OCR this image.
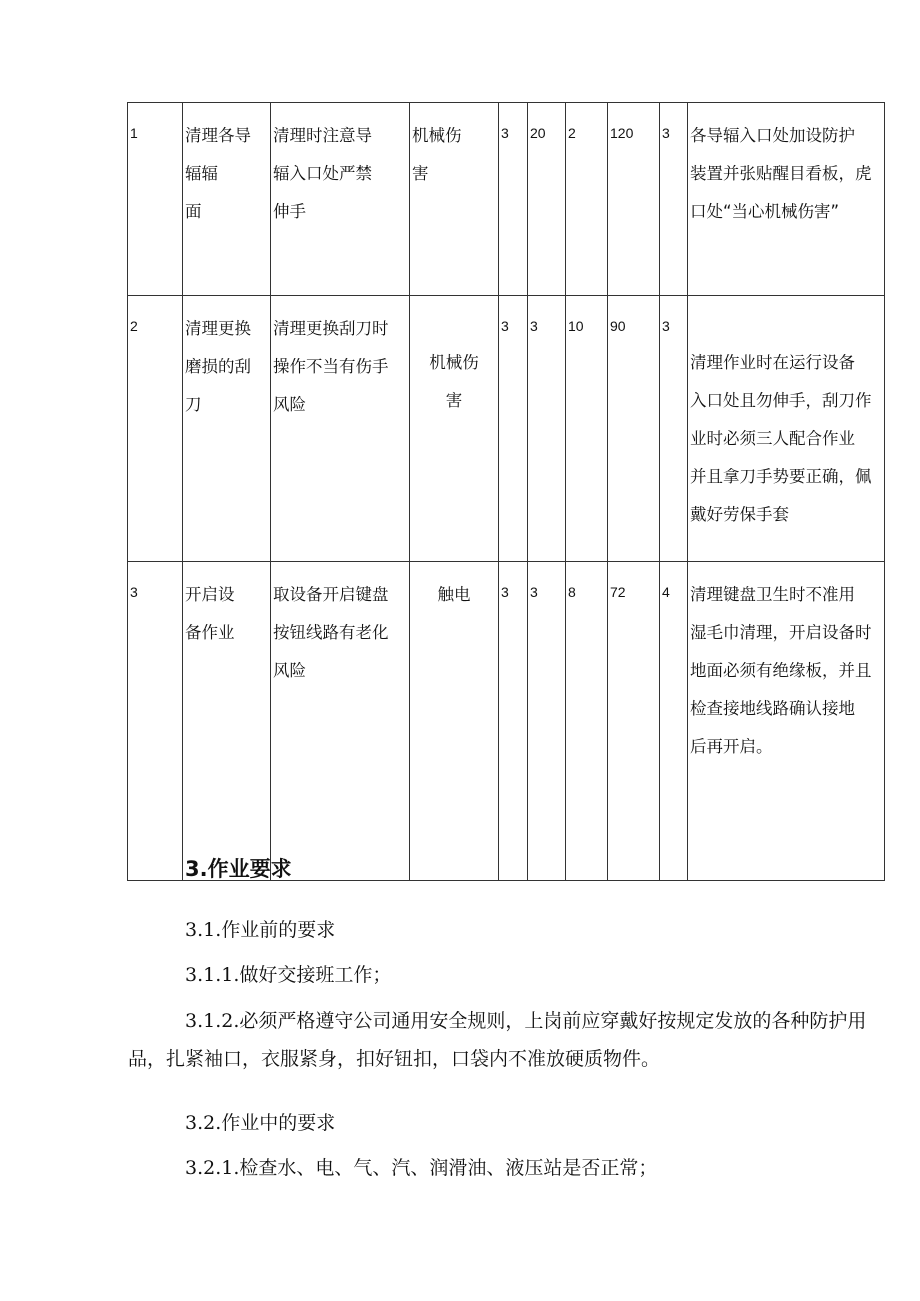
1	清理各导
辐辐
面	清理时注意导
辐入口处严禁
伸手	机械伤
害	3	20	2	120	3	各导辐入口处加设防护
装置并张贴醒目看板，虎
口处“当心机械伤害”
2	清理更换
磨损的刮
刀	清理更换刮刀时
操作不当有伤手
风险	机械伤
害	3	3	10	90	3	清理作业时在运行设备
入口处且勿伸手，刮刀作
业时必须三人配合作业
并且拿刀手势要正确，佩
戴好劳保手套
3	开启设
备作业	取设备开启键盘
按钮线路有老化
风险	触电	3	3	8	72	4	清理键盘卫生时不准用
湿毛巾清理，开启设备时
地面必须有绝缘板，并且
检查接地线路确认接地
后再开启。
3.作业要求
3.1.作业前的要求
3.1.1.做好交接班工作；
3.1.2.必须严格遵守公司通用安全规则，上岗前应穿戴好按规定发放的各种防护用品，扎紧袖口，衣服紧身，扣好钮扣，口袋内不准放硬质物件。
3.2.作业中的要求
3.2.1.检查水、电、气、汽、润滑油、液压站是否正常；
